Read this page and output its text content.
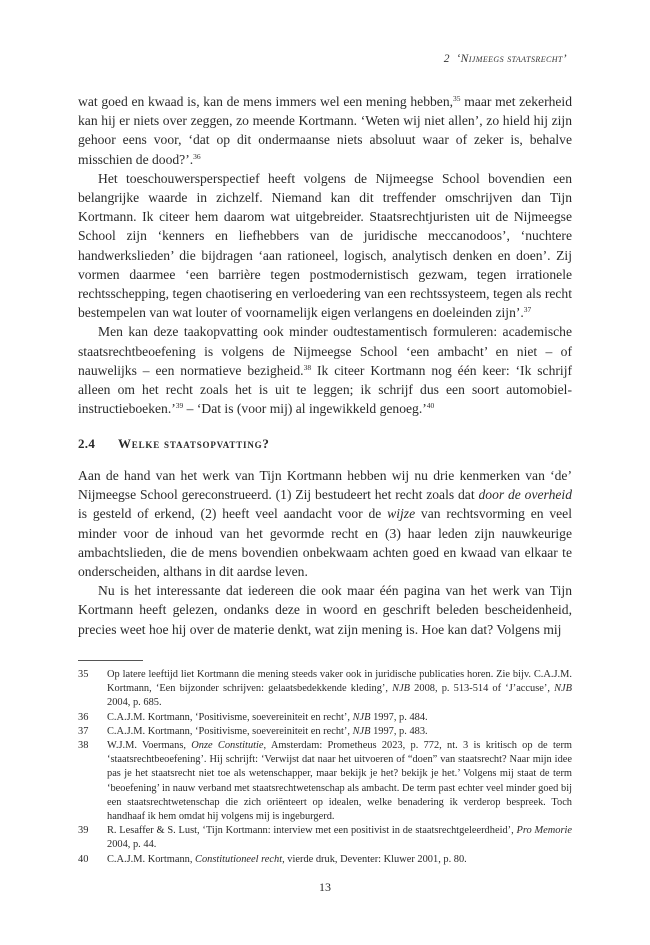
2 ‘Nijmeegs staatsrecht’

wat goed en kwaad is, kan de mens immers wel een mening hebben,$^{35}$ maar met zekerheid kan hij er niets over zeggen, zo meende Kortmann. ‘Weten wij niet allen’, zo hield hij zijn gehoor eens voor, ‘dat op dit ondermaanse niets absoluut waar of zeker is, behalve misschien de dood?’.$^{36}$

Het toeschouwersperspectief heeft volgens de Nijmeegse School bovendien een belangrijke waarde in zichzelf. Niemand kan dit treffender omschrijven dan Tijn Kortmann. Ik citeer hem daarom wat uitgebreider. Staatsrechtjuristen uit de Nijmeegse School zijn ‘kenners en liefhebbers van de juridische meccanodoos’, ‘nuchtere handwerkslieden’ die bijdragen ‘aan rationeel, logisch, analytisch denken en doen’. Zij vormen daarmee ‘een barrière tegen postmodernistisch gezwam, tegen irrationele rechtsschepping, tegen chaotisering en verloedering van een rechtssysteem, tegen als recht bestempelen van wat louter of voornamelijk eigen verlangens en doeleinden zijn’.$^{37}$

Men kan deze taakopvatting ook minder oudtestamentisch formuleren: academische staatsrechtbeoefening is volgens de Nijmeegse School ‘een ambacht’ en niet – of nauwelijks – een normatieve bezigheid.$^{38}$ Ik citeer Kortmann nog één keer: ‘Ik schrijf alleen om het recht zoals het is uit te leggen; ik schrijf dus een soort automobiel-instructieboeken.’$^{39}$ – ‘Dat is (voor mij) al ingewikkeld genoeg.’$^{40}$

2.4 Welke staatsopvatting?

Aan de hand van het werk van Tijn Kortmann hebben wij nu drie kenmerken van ‘de’ Nijmeegse School gereconstrueerd. (1) Zij bestudeert het recht zoals dat door de overheid is gesteld of erkend, (2) heeft veel aandacht voor de wijze van rechtsvorming en veel minder voor de inhoud van het gevormde recht en (3) haar leden zijn nauwkeurige ambachtslieden, die de mens bovendien onbekwaam achten goed en kwaad van elkaar te onderscheiden, althans in dit aardse leven.

Nu is het interessante dat iedereen die ook maar één pagina van het werk van Tijn Kortmann heeft gelezen, ondanks deze in woord en geschrift beleden bescheidenheid, precies weet hoe hij over de materie denkt, wat zijn mening is. Hoe kan dat? Volgens mij

35	Op latere leeftijd liet Kortmann die mening steeds vaker ook in juridische publicaties horen. Zie bijv. C.A.J.M. Kortmann, ‘Een bijzonder schrijven: gelaatsbedekkende kleding’, NJB 2008, p. 513-514 of ‘J’accuse’, NJB 2004, p. 685.

36	C.A.J.M. Kortmann, ‘Positivisme, soevereiniteit en recht’, NJB 1997, p. 484.

37	C.A.J.M. Kortmann, ‘Positivisme, soevereiniteit en recht’, NJB 1997, p. 483.

38	W.J.M. Voermans, Onze Constitutie, Amsterdam: Prometheus 2023, p. 772, nt. 3 is kritisch op de term ‘staatsrechtbeoefening’. Hij schrijft: ‘Verwijst dat naar het uitvoeren of “doen” van staatsrecht? Naar mijn idee pas je het staatsrecht niet toe als wetenschapper, maar bekijk je het? bekijk je het.’ Volgens mij staat de term ‘beoefening’ in nauw verband met staatsrechtwetenschap als ambacht. De term past echter veel minder goed bij een staatsrechtwetenschap die zich oriënteert op idealen, welke benadering ik verderop bespreek. Toch handhaaf ik hem omdat hij volgens mij is ingeburgerd.

39	R. Lesaffer & S. Lust, ‘Tijn Kortmann: interview met een positivist in de staatsrechtgeleerdheid’, Pro Memorie 2004, p. 44.

40	C.A.J.M. Kortmann, Constitutioneel recht, vierde druk, Deventer: Kluwer 2001, p. 80.

13
